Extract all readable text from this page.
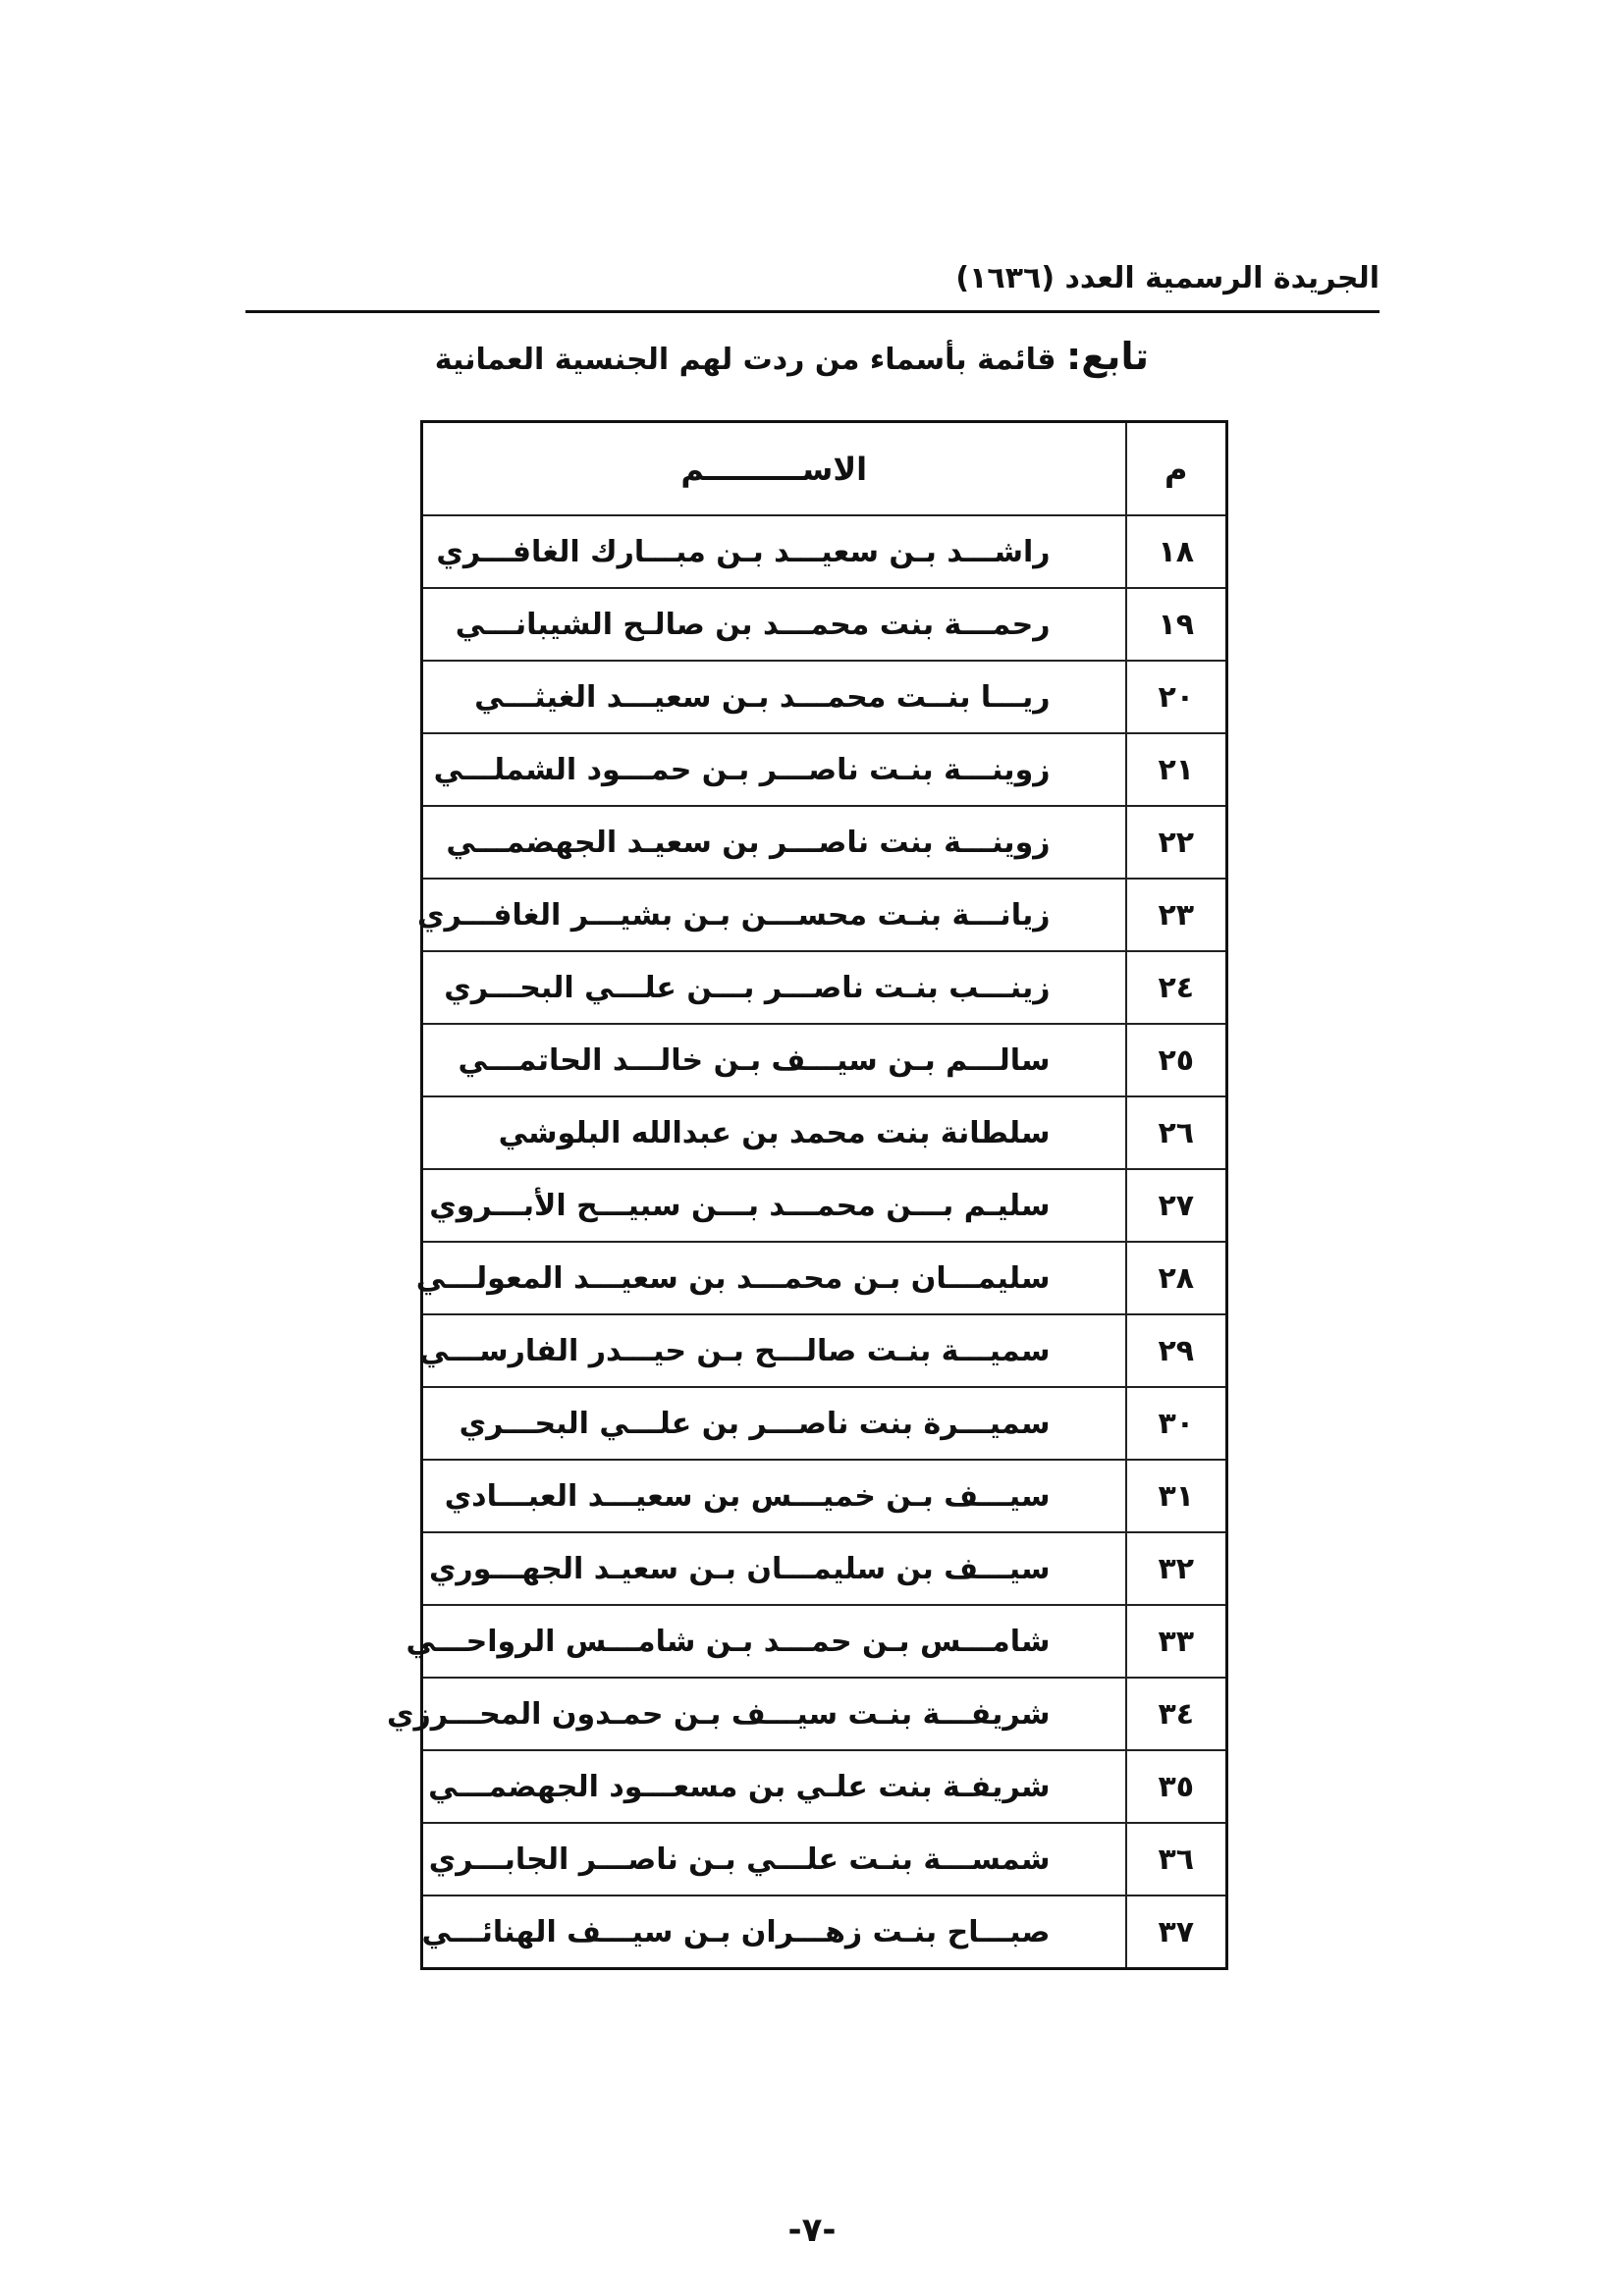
الجريدة الرسمية العدد (١٦٣٦)
تابع: قائمة بأسماء من ردت لهم الجنسية العمانية
م	الاســـــــــم
١٨	راشـــد بـن سعيـــد بـن مبـــارك الغافـــري
١٩	رحمـــة بنت محمـــد بن صالـح الشيبانـــي
٢٠	ريـــا بنــت محمـــد بـن سعيـــد الغيثـــي
٢١	زوينـــة بنـت ناصـــر بـن حمـــود الشملـــي
٢٢	زوينـــة بنت ناصـــر بن سعيـد الجهضمـــي
٢٣	زيانـــة بنـت محســـن بـن بشيـــر الغافـــري
٢٤	زينـــب بنـت ناصـــر بـــن علـــي البحـــري
٢٥	سالـــم بـن سيـــف بـن خالـــد الحاتمـــي
٢٦	سلطانة بنت محمد بن عبدالله البلوشي
٢٧	سليـم بـــن محمـــد بـــن سبيـــح الأبـــروي
٢٨	سليمـــان بـن محمـــد بن سعيـــد المعولـــي
٢٩	سميـــة بنـت صالـــح بـن حيـــدر الفارســـي
٣٠	سميـــرة بنت ناصـــر بن علـــي البحـــري
٣١	سيـــف بـن خميـــس بن سعيـــد العبـــادي
٣٢	سيـــف بن سليمـــان بـن سعيـد الجهـــوري
٣٣	شامـــس بـن حمـــد بـن شامـــس الرواحـــي
٣٤	شريفـــة بنـت سيـــف بـن حمـدون المحـــرزي
٣٥	شريفـة بنت علـي بن مسعـــود الجهضمـــي
٣٦	شمســـة بنـت علـــي بـن ناصـــر الجابـــري
٣٧	صبـــاح بنـت زهـــران بـن سيـــف الهنائـــي
-٧-
